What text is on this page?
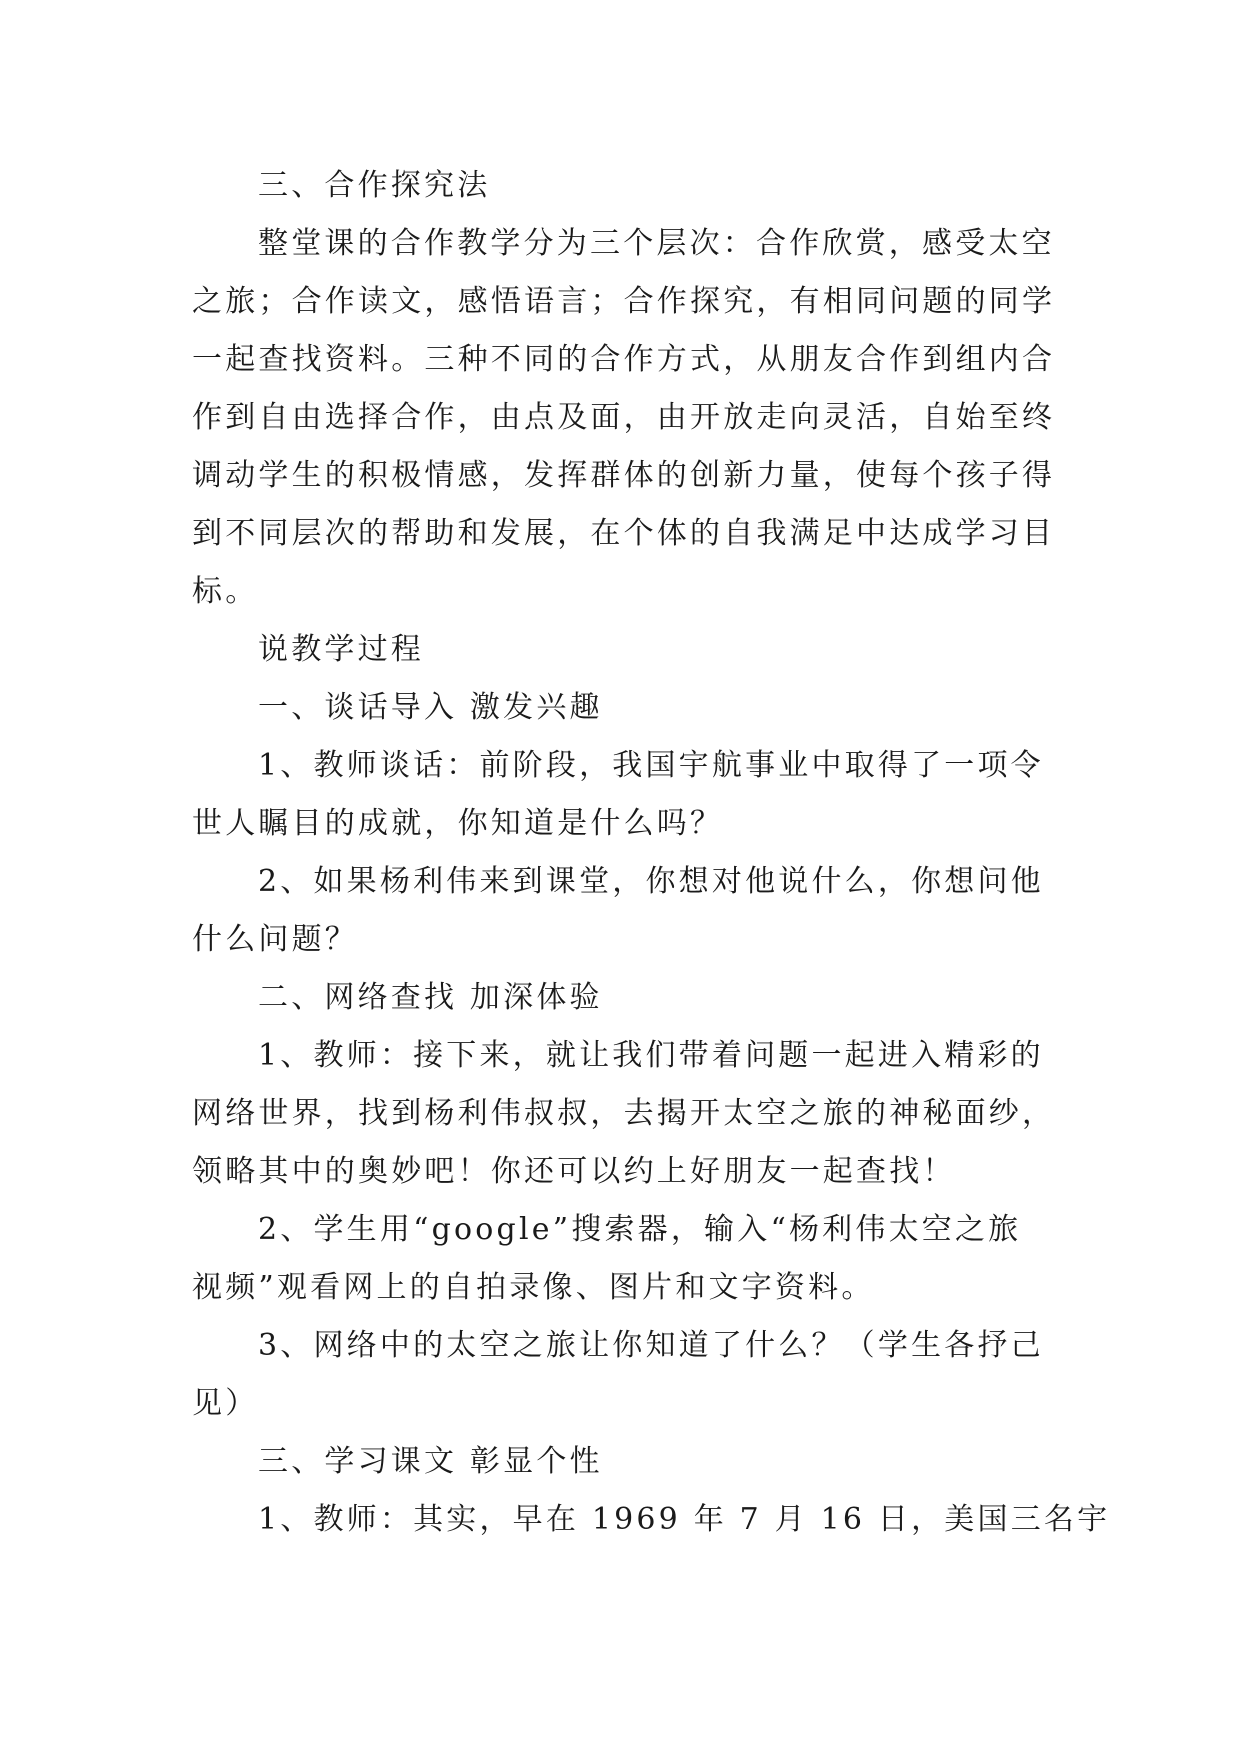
三、合作探究法
整堂课的合作教学分为三个层次：合作欣赏，感受太空
之旅；合作读文，感悟语言；合作探究，有相同问题的同学
一起查找资料。三种不同的合作方式，从朋友合作到组内合
作到自由选择合作，由点及面，由开放走向灵活，自始至终
调动学生的积极情感，发挥群体的创新力量，使每个孩子得
到不同层次的帮助和发展，在个体的自我满足中达成学习目
标。
说教学过程
一、谈话导入 激发兴趣
1、教师谈话：前阶段，我国宇航事业中取得了一项令
世人瞩目的成就，你知道是什么吗？
2、如果杨利伟来到课堂，你想对他说什么，你想问他
什么问题？
二、网络查找 加深体验
1、教师：接下来，就让我们带着问题一起进入精彩的
网络世界，找到杨利伟叔叔，去揭开太空之旅的神秘面纱，
领略其中的奥妙吧！你还可以约上好朋友一起查找！
2、学生用“google”搜索器，输入“杨利伟太空之旅
视频”观看网上的自拍录像、图片和文字资料。
3、网络中的太空之旅让你知道了什么？（学生各抒己
见）
三、学习课文 彰显个性
1、教师：其实，早在 1969 年 7 月 16 日，美国三名宇
